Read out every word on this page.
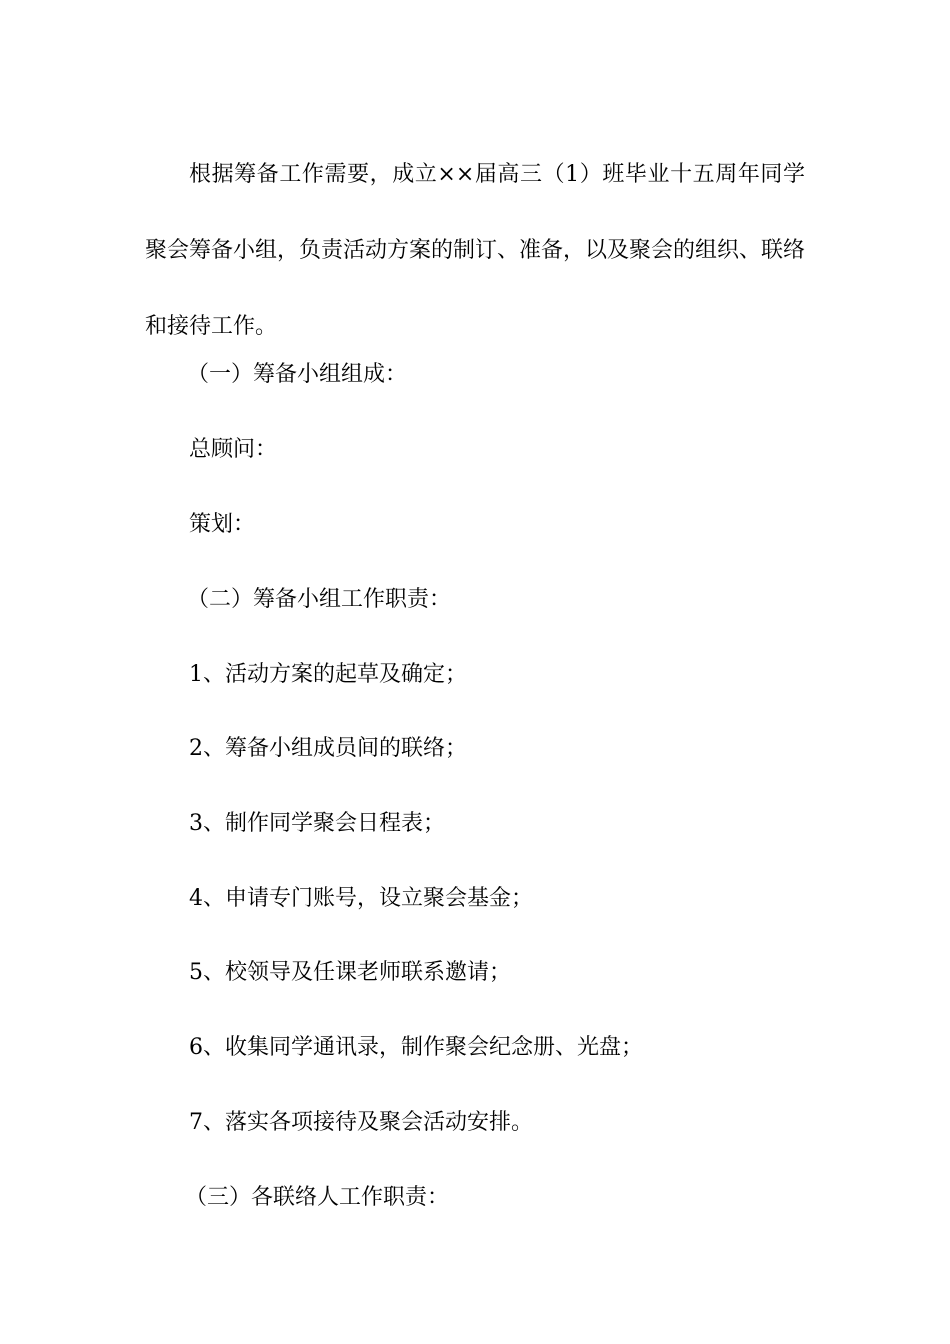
根据筹备工作需要，成立××届高三（1）班毕业十五周年同学聚会筹备小组，负责活动方案的制订、准备，以及聚会的组织、联络和接待工作。

（一）筹备小组组成：

总顾问：

策划：

（二）筹备小组工作职责：

1、活动方案的起草及确定；

2、筹备小组成员间的联络；

3、制作同学聚会日程表；

4、申请专门账号，设立聚会基金；

5、校领导及任课老师联系邀请；

6、收集同学通讯录，制作聚会纪念册、光盘；

7、落实各项接待及聚会活动安排。

（三）各联络人工作职责：
